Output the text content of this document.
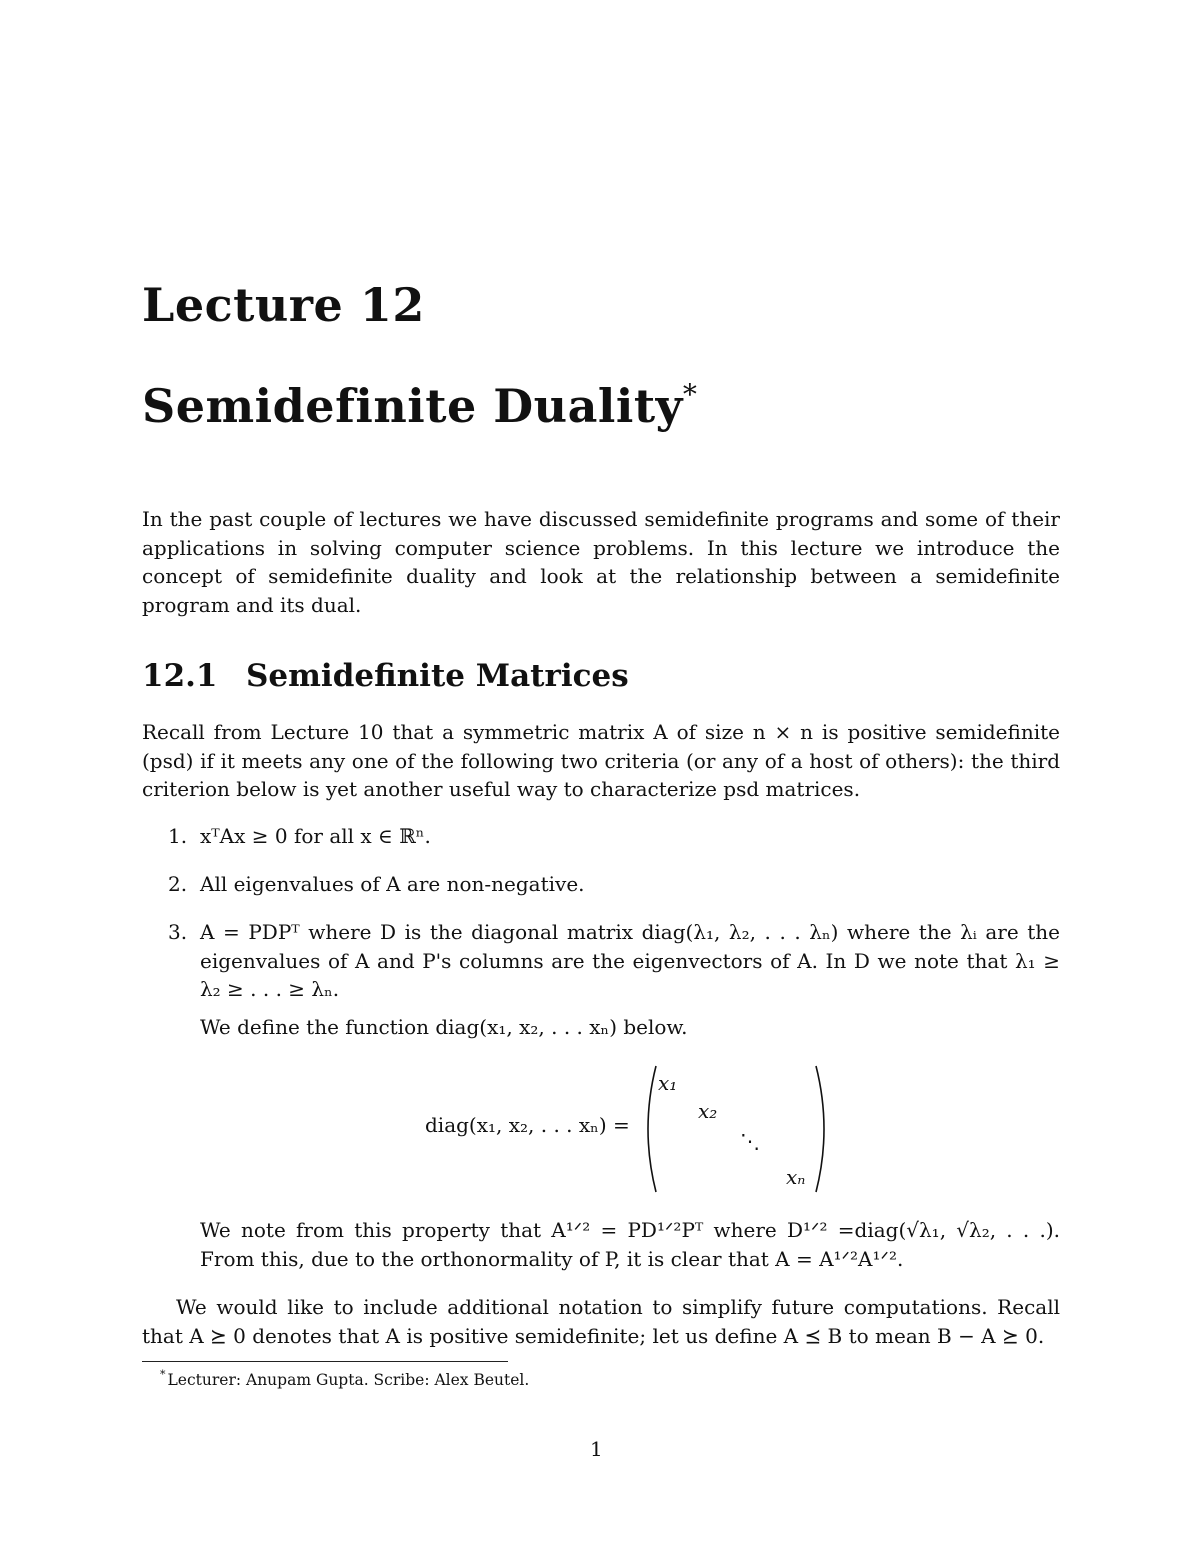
Lecture 12
Semidefinite Duality*
In the past couple of lectures we have discussed semidefinite programs and some of their applications in solving computer science problems. In this lecture we introduce the concept of semidefinite duality and look at the relationship between a semidefinite program and its dual.
12.1 Semidefinite Matrices
Recall from Lecture 10 that a symmetric matrix A of size n × n is positive semidefinite (psd) if it meets any one of the following two criteria (or any of a host of others): the third criterion below is yet another useful way to characterize psd matrices.
1. xᵀAx ≥ 0 for all x ∈ ℝⁿ.
2. All eigenvalues of A are non-negative.
3. A = PDPᵀ where D is the diagonal matrix diag(λ₁, λ₂, . . . λₙ) where the λᵢ are the eigenvalues of A and P's columns are the eigenvectors of A. In D we note that λ₁ ≥ λ₂ ≥ . . . ≥ λₙ.
We define the function diag(x₁, x₂, . . . xₙ) below.
diag(x₁, x₂, . . . xₙ) =
x₁
x₂
⋱
xₙ
We note from this property that A¹ᐟ² = PD¹ᐟ²Pᵀ where D¹ᐟ² =diag(√λ₁, √λ₂, . . .). From this, due to the orthonormality of P, it is clear that A = A¹ᐟ²A¹ᐟ².
We would like to include additional notation to simplify future computations. Recall that A ⪰ 0 denotes that A is positive semidefinite; let us define A ⪯ B to mean B − A ⪰ 0.
* Lecturer: Anupam Gupta. Scribe: Alex Beutel.
1
